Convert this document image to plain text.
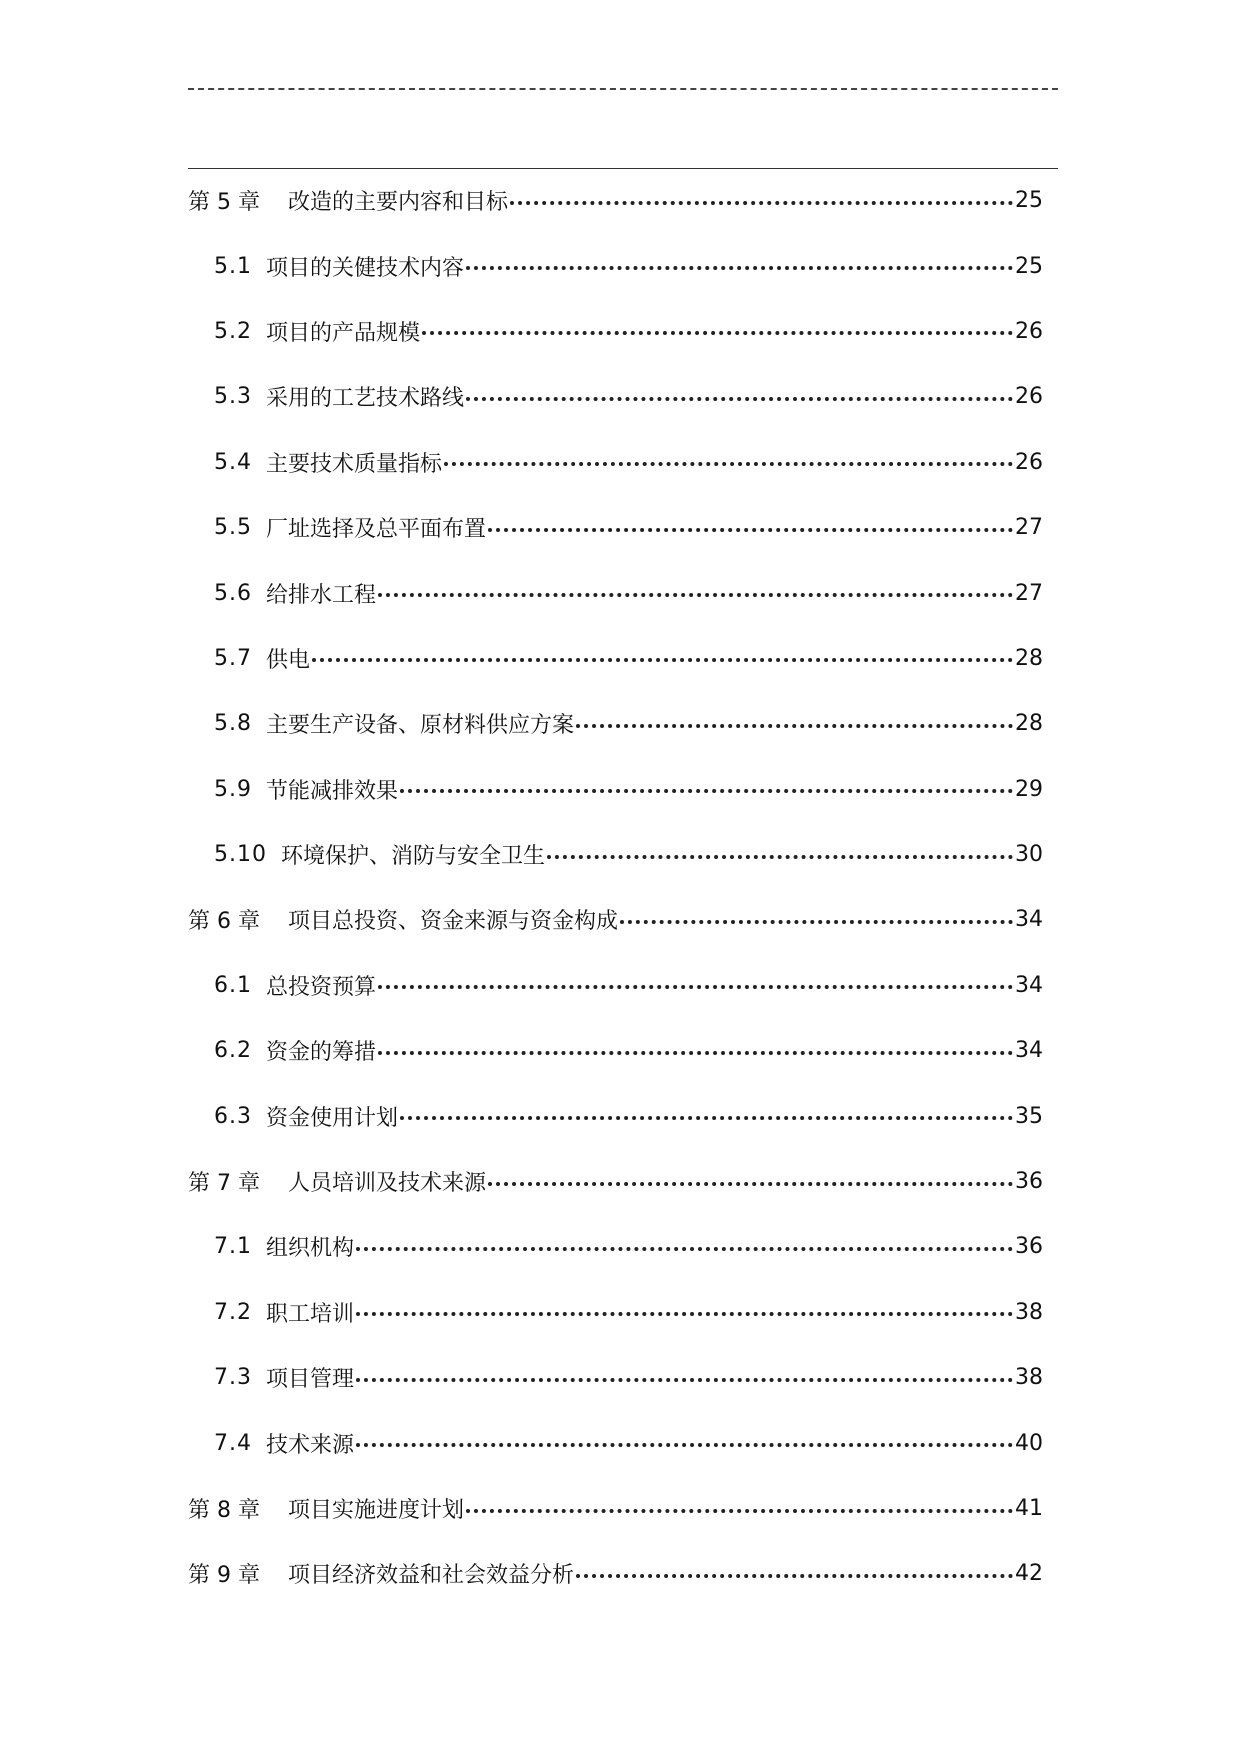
第 5 章	改造的主要内容和目标	25
5.1 项目的关健技术内容	25
5.2 项目的产品规模	26
5.3 采用的工艺技术路线	26
5.4 主要技术质量指标	26
5.5 厂址选择及总平面布置	27
5.6 给排水工程	27
5.7 供电	28
5.8 主要生产设备、原材料供应方案	28
5.9 节能减排效果	29
5.10 环境保护、消防与安全卫生	30
第 6 章	项目总投资、资金来源与资金构成	34
6.1 总投资预算	34
6.2 资金的筹措	34
6.3 资金使用计划	35
第 7 章	人员培训及技术来源	36
7.1 组织机构	36
7.2 职工培训	38
7.3 项目管理	38
7.4 技术来源	40
第 8 章	项目实施进度计划	41
第 9 章	项目经济效益和社会效益分析	42
